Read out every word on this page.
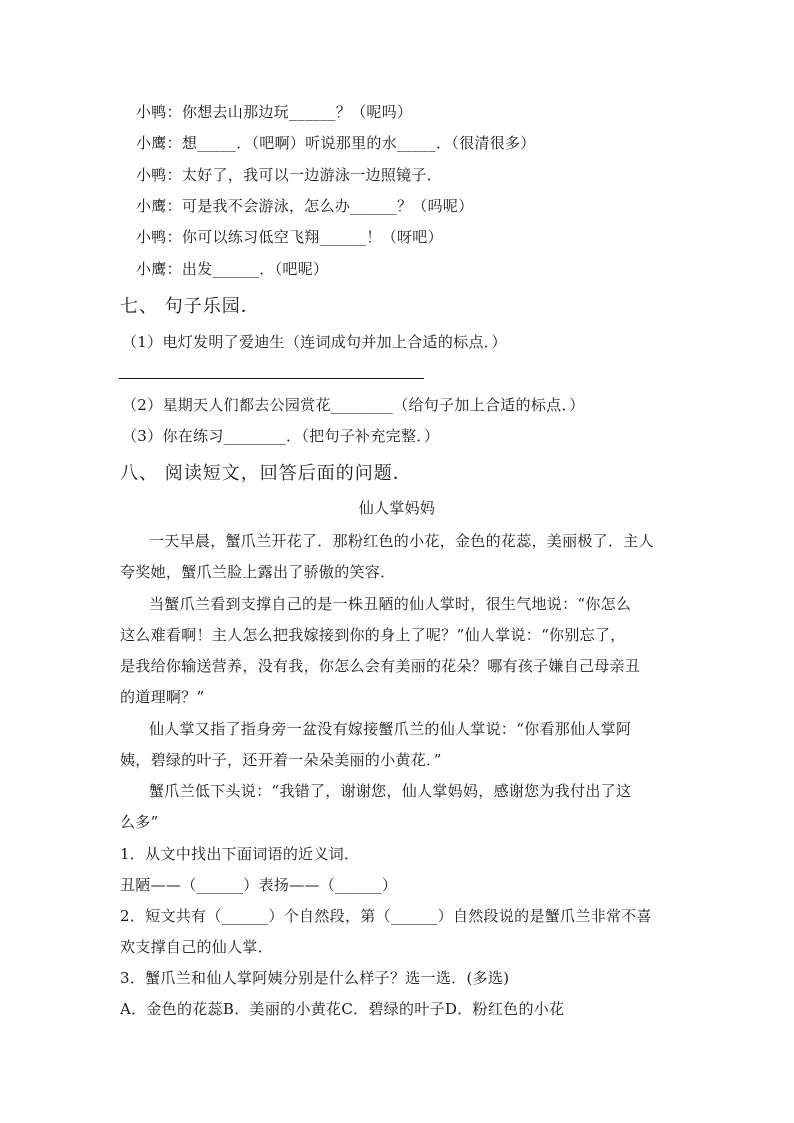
小鸭：你想去山那边玩______？（呢吗）
小鹰：想_____．（吧啊）听说那里的水_____．（很清很多）
小鸭：太好了，我可以一边游泳一边照镜子．
小鹰：可是我不会游泳，怎么办______？（吗呢）
小鸭：你可以练习低空飞翔______！（呀吧）
小鹰：出发______．（吧呢）
七、 句子乐园．
（1）电灯发明了爱迪生（连词成句并加上合适的标点．）
（2）星期天人们都去公园赏花________（给句子加上合适的标点．）
（3）你在练习________．（把句子补充完整．）
八、 阅读短文，回答后面的问题．
仙人掌妈妈
一天早晨，蟹爪兰开花了．那粉红色的小花，金色的花蕊，美丽极了．主人
夸奖她，蟹爪兰脸上露出了骄傲的笑容．
当蟹爪兰看到支撑自己的是一株丑陋的仙人掌时，很生气地说：“你怎么
这么难看啊！主人怎么把我嫁接到你的身上了呢？”仙人掌说：“你别忘了，
是我给你输送营养，没有我，你怎么会有美丽的花朵？哪有孩子嫌自己母亲丑
的道理啊？”
仙人掌又指了指身旁一盆没有嫁接蟹爪兰的仙人掌说：“你看那仙人掌阿
姨，碧绿的叶子，还开着一朵朵美丽的小黄花．”
蟹爪兰低下头说：“我错了，谢谢您，仙人掌妈妈，感谢您为我付出了这
么多”
1．从文中找出下面词语的近义词．
丑陋——（______）表扬——（______）
2．短文共有（______）个自然段，第（______）自然段说的是蟹爪兰非常不喜
欢支撑自己的仙人掌．
3．蟹爪兰和仙人掌阿姨分别是什么样子？选一选．(多选)
A．金色的花蕊B．美丽的小黄花C．碧绿的叶子D．粉红色的小花
